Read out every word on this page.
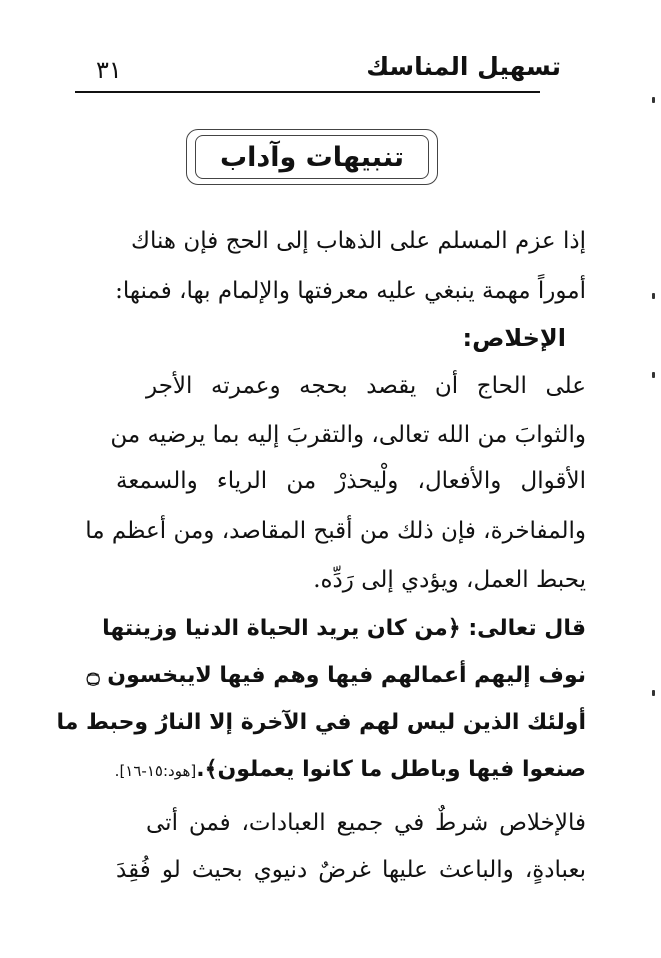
تسهيل المناسك
٣١
تنبيهات وآداب
إذا عزم المسلم على الذهاب إلى الحج فإن هناك
أموراً مهمة ينبغي عليه معرفتها والإلمام بها، فمنها:
الإخلاص:
على الحاج أن يقصد بحجه وعمرته الأجر
والثوابَ من الله تعالى، والتقربَ إليه بما يرضيه من
الأقوال والأفعال، ولْيحذرْ من الرياء والسمعة
والمفاخرة، فإن ذلك من أقبح المقاصد، ومن أعظم ما
يحبط العمل، ويؤدي إلى رَدِّه.
قال تعالى: ﴿من كان يريد الحياة الدنيا وزينتها
نوف إليهم أعمالهم فيها وهم فيها لايبخسون ۝
أولئك الذين ليس لهم في الآخرة إلا النارُ وحبط ما
صنعوا فيها وباطل ما كانوا يعملون﴾.[هود:١٥-١٦].
فالإخلاص شرطٌ في جميع العبادات، فمن أتى
بعبادةٍ، والباعث عليها غرضٌ دنيوي بحيث لو فُقِدَ
